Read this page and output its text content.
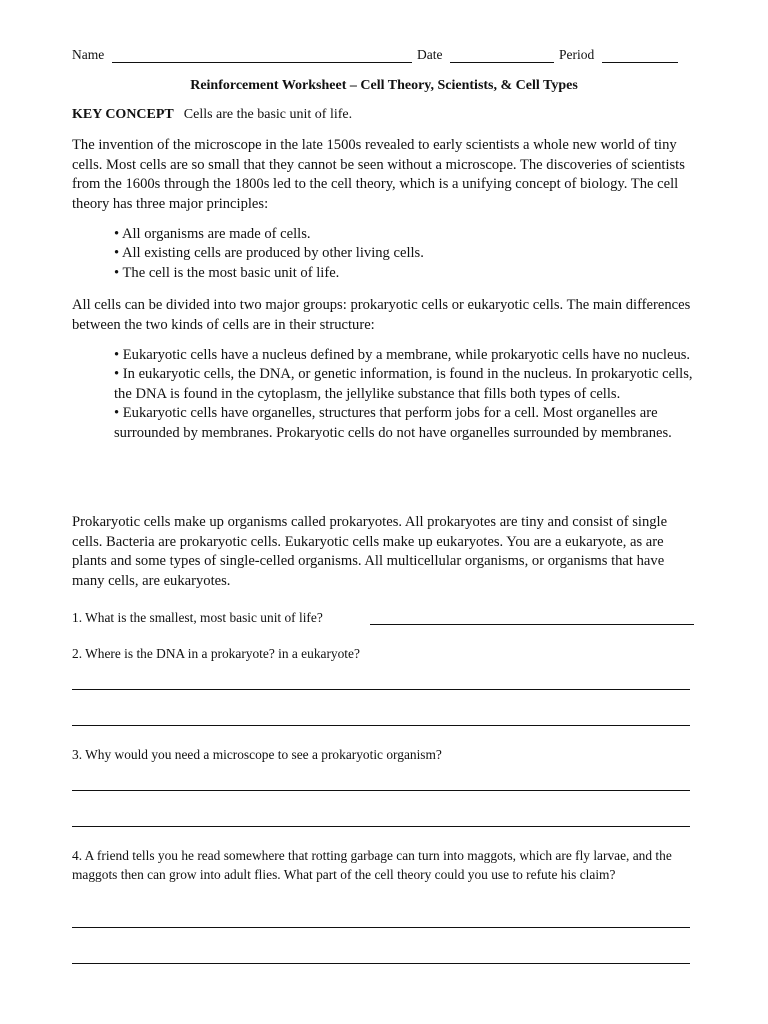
Name	Date	Period
Reinforcement Worksheet – Cell Theory, Scientists, & Cell Types
KEY CONCEPT Cells are the basic unit of life.

The invention of the microscope in the late 1500s revealed to early scientists a whole new world of tiny cells. Most cells are so small that they cannot be seen without a microscope. The discoveries of scientists from the 1600s through the 1800s led to the cell theory, which is a unifying concept of biology. The cell theory has three major principles:

• All organisms are made of cells.
• All existing cells are produced by other living cells.
• The cell is the most basic unit of life.

All cells can be divided into two major groups: prokaryotic cells or eukaryotic cells. The main differences between the two kinds of cells are in their structure:

• Eukaryotic cells have a nucleus defined by a membrane, while prokaryotic cells have no nucleus.
• In eukaryotic cells, the DNA, or genetic information, is found in the nucleus. In prokaryotic cells, the DNA is found in the cytoplasm, the jellylike substance that fills both types of cells.
• Eukaryotic cells have organelles, structures that perform jobs for a cell. Most organelles are surrounded by membranes. Prokaryotic cells do not have organelles surrounded by membranes.

Prokaryotic cells make up organisms called prokaryotes. All prokaryotes are tiny and consist of single cells. Bacteria are prokaryotic cells. Eukaryotic cells make up eukaryotes. You are a eukaryote, as are plants and some types of single-celled organisms. All multicellular organisms, or organisms that have many cells, are eukaryotes.

1. What is the smallest, most basic unit of life?
2. Where is the DNA in a prokaryote? in a eukaryote?
3. Why would you need a microscope to see a prokaryotic organism?
4. A friend tells you he read somewhere that rotting garbage can turn into maggots, which are fly larvae, and the maggots then can grow into adult flies. What part of the cell theory could you use to refute his claim?
